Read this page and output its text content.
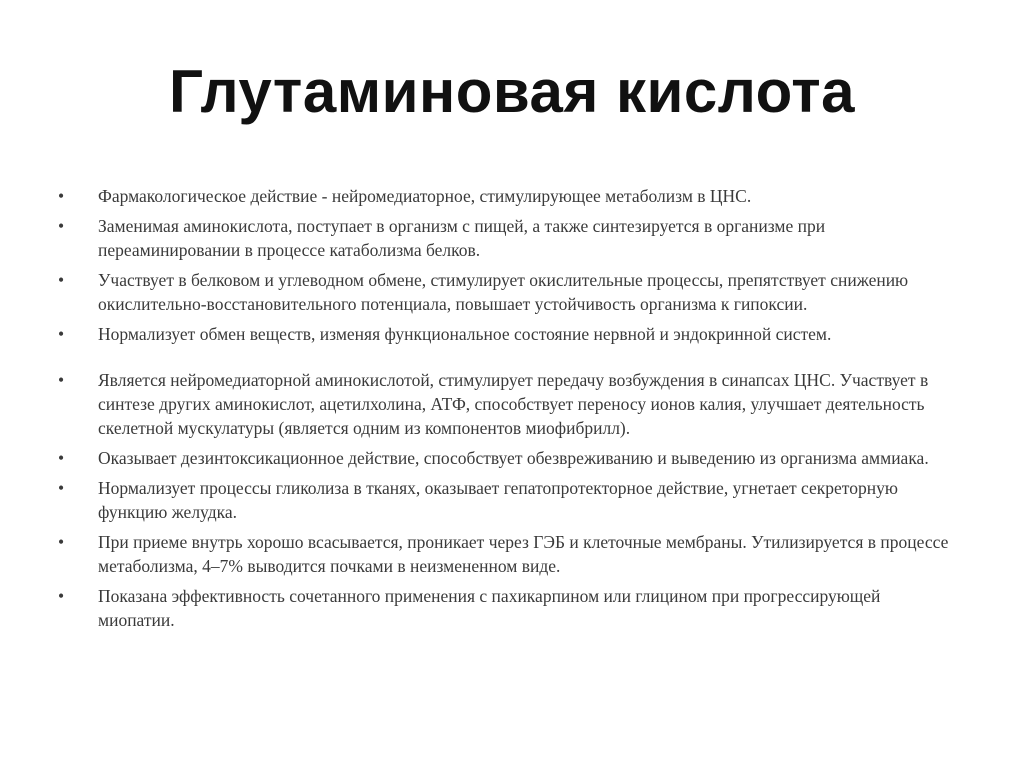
Глутаминовая кислота
• Фармакологическое действие - нейромедиаторное, стимулирующее метаболизм в ЦНС.
• Заменимая аминокислота, поступает в организм с пищей, а также синтезируется в организме при переаминировании в процессе катаболизма белков.
• Участвует в белковом и углеводном обмене, стимулирует окислительные процессы, препятствует снижению окислительно-восстановительного потенциала, повышает устойчивость организма к гипоксии.
• Нормализует обмен веществ, изменяя функциональное состояние нервной и эндокринной систем.
• Является нейромедиаторной аминокислотой, стимулирует передачу возбуждения в синапсах ЦНС. Участвует в синтезе других аминокислот, ацетилхолина, АТФ, способствует переносу ионов калия, улучшает деятельность скелетной мускулатуры (является одним из компонентов миофибрилл).
• Оказывает дезинтоксикационное действие, способствует обезвреживанию и выведению из организма аммиака.
• Нормализует процессы гликолиза в тканях, оказывает гепатопротекторное действие, угнетает секреторную функцию желудка.
• При приеме внутрь хорошо всасывается, проникает через ГЭБ и клеточные мембраны. Утилизируется в процессе метаболизма, 4–7% выводится почками в неизмененном виде.
• Показана эффективность сочетанного применения с пахикарпином или глицином при прогрессирующей миопатии.
